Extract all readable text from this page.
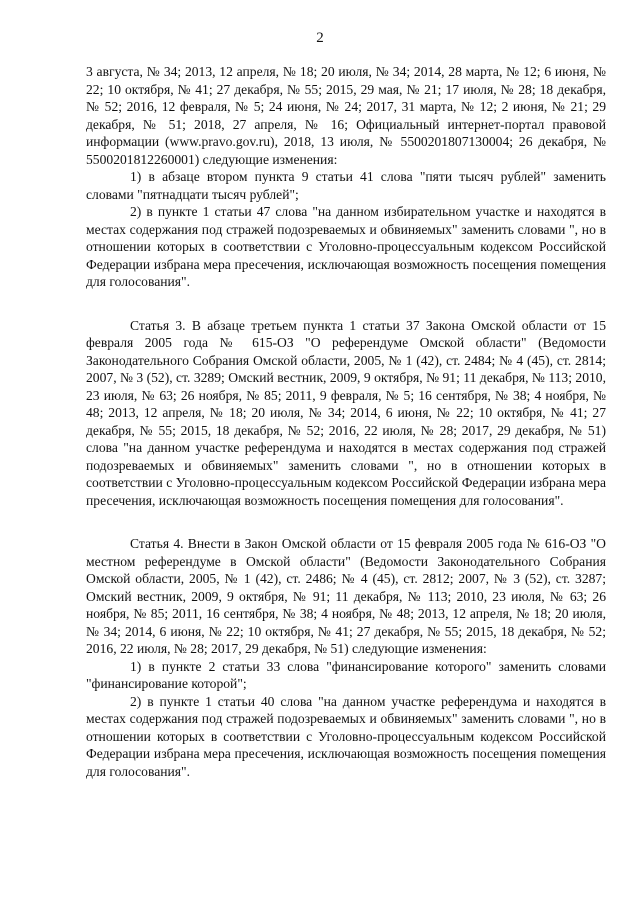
2

3 августа, № 34; 2013, 12 апреля, № 18; 20 июля, № 34; 2014, 28 марта, № 12; 6 июня, № 22; 10 октября, № 41; 27 декабря, № 55; 2015, 29 мая, № 21; 17 июля, № 28; 18 декабря, № 52; 2016, 12 февраля, № 5; 24 июня, № 24; 2017, 31 марта, № 12; 2 июня, № 21; 29 декабря, № 51; 2018, 27 апреля, № 16; Официальный интернет-портал правовой информации (www.pravo.gov.ru), 2018, 13 июля, № 5500201807130004; 26 декабря, № 5500201812260001) следующие изменения:

1) в абзаце втором пункта 9 статьи 41 слова "пяти тысяч рублей" заменить словами "пятнадцати тысяч рублей";

2) в пункте 1 статьи 47 слова "на данном избирательном участке и находятся в местах содержания под стражей подозреваемых и обвиняемых" заменить словами ", но в отношении которых в соответствии с Уголовно-процессуальным кодексом Российской Федерации избрана мера пресечения, исключающая возможность посещения помещения для голосования".

Статья 3. В абзаце третьем пункта 1 статьи 37 Закона Омской области от 15 февраля 2005 года № 615-ОЗ "О референдуме Омской области" (Ведомости Законодательного Собрания Омской области, 2005, № 1 (42), ст. 2484; № 4 (45), ст. 2814; 2007, № 3 (52), ст. 3289; Омский вестник, 2009, 9 октября, № 91; 11 декабря, № 113; 2010, 23 июля, № 63; 26 ноября, № 85; 2011, 9 февраля, № 5; 16 сентября, № 38; 4 ноября, № 48; 2013, 12 апреля, № 18; 20 июля, № 34; 2014, 6 июня, № 22; 10 октября, № 41; 27 декабря, № 55; 2015, 18 декабря, № 52; 2016, 22 июля, № 28; 2017, 29 декабря, № 51) слова "на данном участке референдума и находятся в местах содержания под стражей подозреваемых и обвиняемых" заменить словами ", но в отношении которых в соответствии с Уголовно-процессуальным кодексом Российской Федерации избрана мера пресечения, исключающая возможность посещения помещения для голосования".

Статья 4. Внести в Закон Омской области от 15 февраля 2005 года № 616-ОЗ "О местном референдуме в Омской области" (Ведомости Законодательного Собрания Омской области, 2005, № 1 (42), ст. 2486; № 4 (45), ст. 2812; 2007, № 3 (52), ст. 3287; Омский вестник, 2009, 9 октября, № 91; 11 декабря, № 113; 2010, 23 июля, № 63; 26 ноября, № 85; 2011, 16 сентября, № 38; 4 ноября, № 48; 2013, 12 апреля, № 18; 20 июля, № 34; 2014, 6 июня, № 22; 10 октября, № 41; 27 декабря, № 55; 2015, 18 декабря, № 52; 2016, 22 июля, № 28; 2017, 29 декабря, № 51) следующие изменения:

1) в пункте 2 статьи 33 слова "финансирование которого" заменить словами "финансирование которой";

2) в пункте 1 статьи 40 слова "на данном участке референдума и находятся в местах содержания под стражей подозреваемых и обвиняемых" заменить словами ", но в отношении которых в соответствии с Уголовно-процессуальным кодексом Российской Федерации избрана мера пресечения, исключающая возможность посещения помещения для голосования".
